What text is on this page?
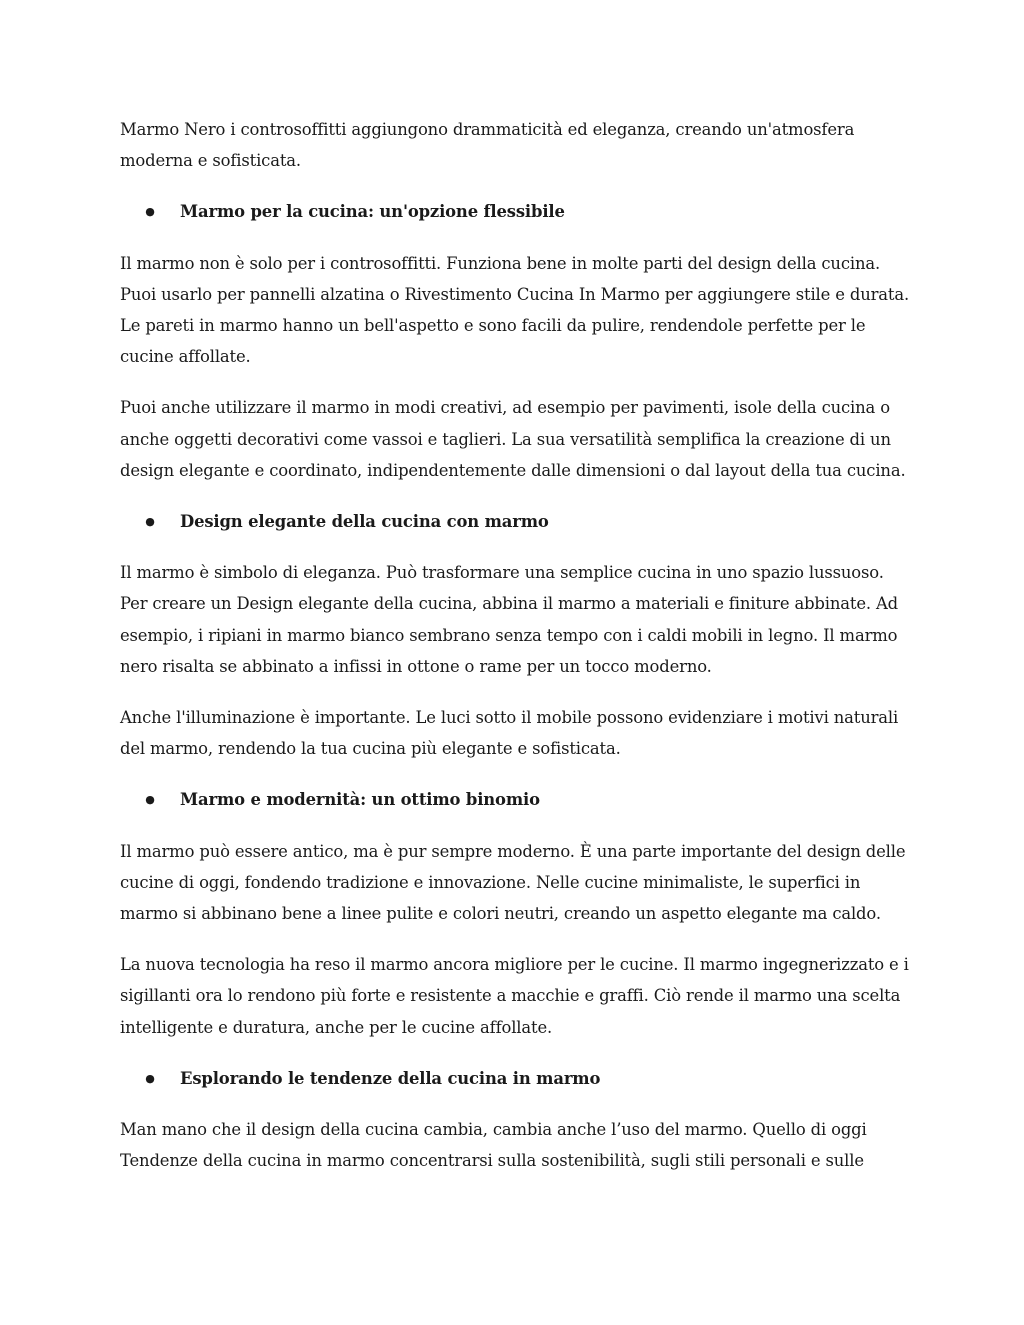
Marmo Nero i controsoffitti aggiungono drammaticità ed eleganza, creando un'atmosfera
moderna e sofisticata.

●	Marmo per la cucina: un'opzione flessibile

Il marmo non è solo per i controsoffitti. Funziona bene in molte parti del design della cucina.
Puoi usarlo per pannelli alzatina o Rivestimento Cucina In Marmo per aggiungere stile e durata.
Le pareti in marmo hanno un bell'aspetto e sono facili da pulire, rendendole perfette per le
cucine affollate.

Puoi anche utilizzare il marmo in modi creativi, ad esempio per pavimenti, isole della cucina o
anche oggetti decorativi come vassoi e taglieri. La sua versatilità semplifica la creazione di un
design elegante e coordinato, indipendentemente dalle dimensioni o dal layout della tua cucina.

●	Design elegante della cucina con marmo

Il marmo è simbolo di eleganza. Può trasformare una semplice cucina in uno spazio lussuoso.
Per creare un Design elegante della cucina, abbina il marmo a materiali e finiture abbinate. Ad
esempio, i ripiani in marmo bianco sembrano senza tempo con i caldi mobili in legno. Il marmo
nero risalta se abbinato a infissi in ottone o rame per un tocco moderno.

Anche l'illuminazione è importante. Le luci sotto il mobile possono evidenziare i motivi naturali
del marmo, rendendo la tua cucina più elegante e sofisticata.

●	Marmo e modernità: un ottimo binomio

Il marmo può essere antico, ma è pur sempre moderno. È una parte importante del design delle
cucine di oggi, fondendo tradizione e innovazione. Nelle cucine minimaliste, le superfici in
marmo si abbinano bene a linee pulite e colori neutri, creando un aspetto elegante ma caldo.

La nuova tecnologia ha reso il marmo ancora migliore per le cucine. Il marmo ingegnerizzato e i
sigillanti ora lo rendono più forte e resistente a macchie e graffi. Ciò rende il marmo una scelta
intelligente e duratura, anche per le cucine affollate.

●	Esplorando le tendenze della cucina in marmo

Man mano che il design della cucina cambia, cambia anche l’uso del marmo. Quello di oggi
Tendenze della cucina in marmo concentrarsi sulla sostenibilità, sugli stili personali e sulle
